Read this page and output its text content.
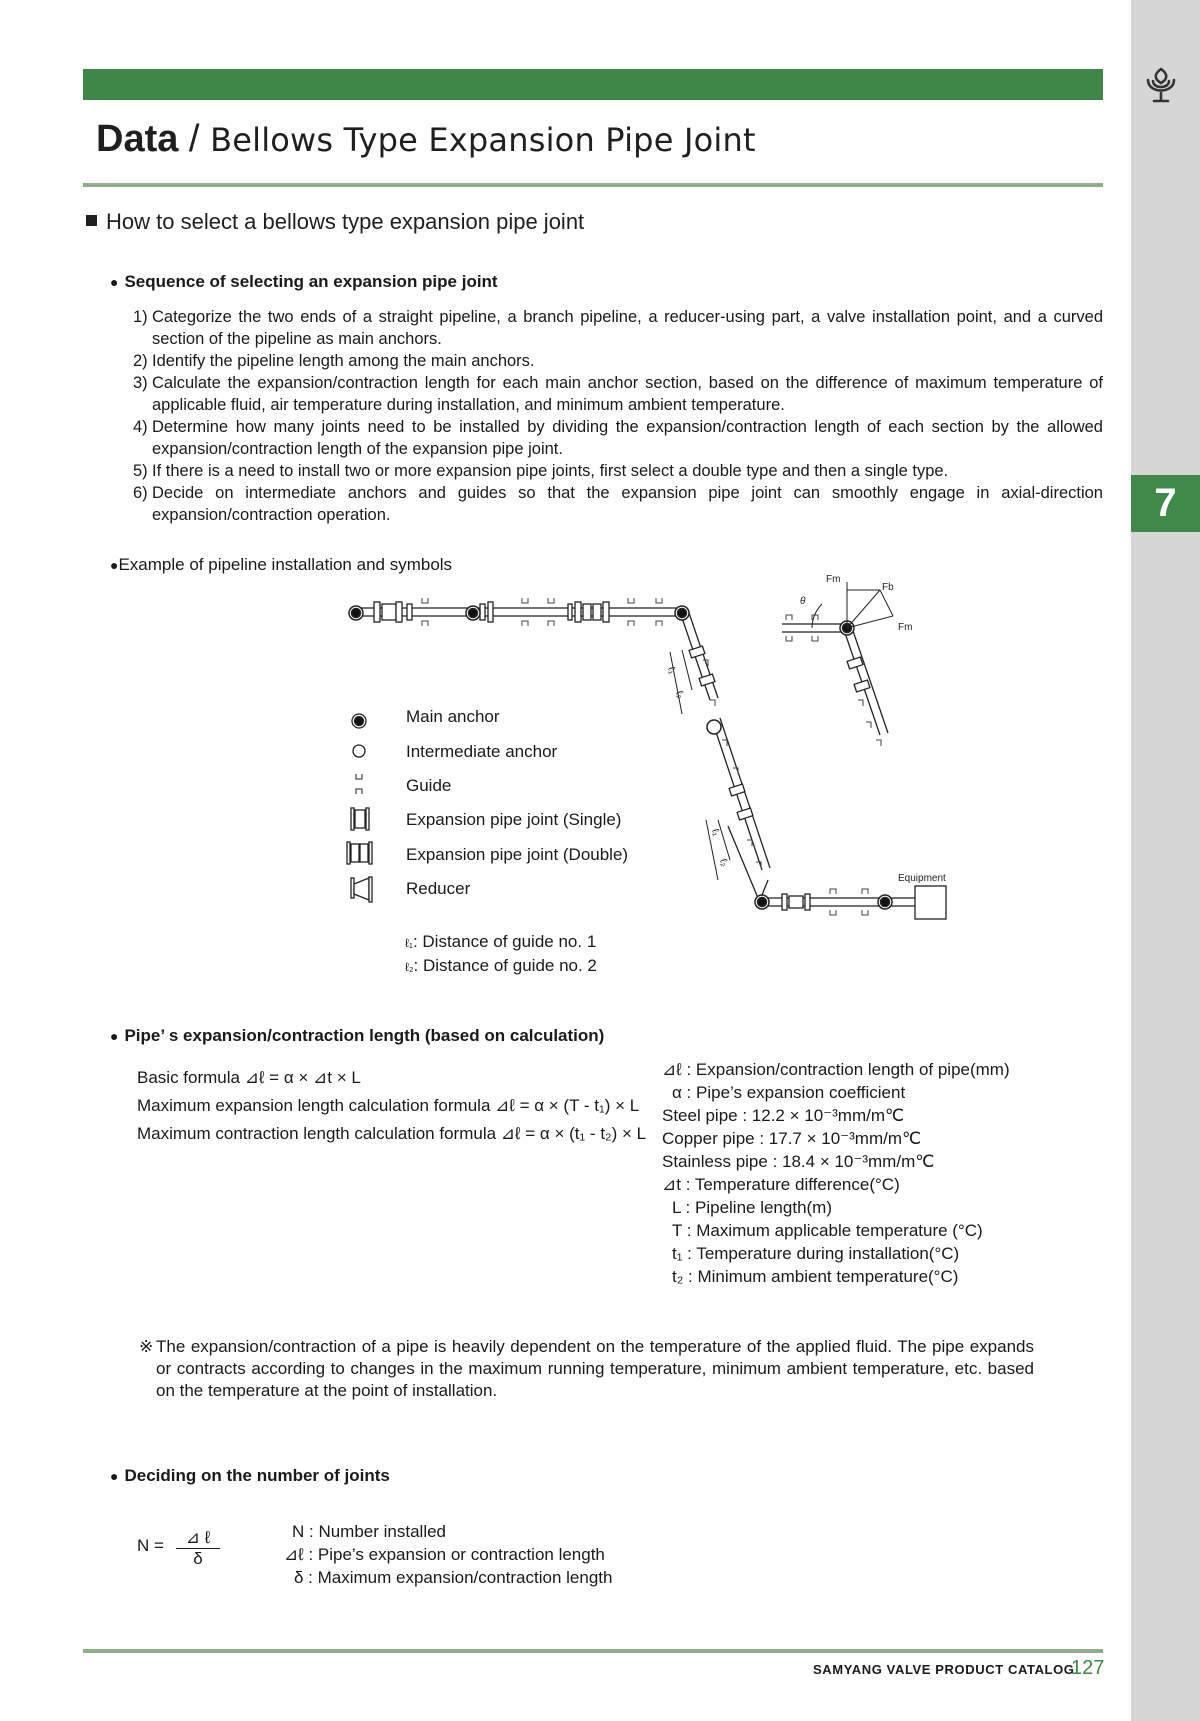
7
Data / Bellows Type Expansion Pipe Joint
How to select a bellows type expansion pipe joint
● Sequence of selecting an expansion pipe joint
1) Categorize the two ends of a straight pipeline, a branch pipeline, a reducer-using part, a valve installation point, and a curved section of the pipeline as main anchors.
2) Identify the pipeline length among the main anchors.
3) Calculate the expansion/contraction length for each main anchor section, based on the difference of maximum temperature of applicable fluid, air temperature during installation, and minimum ambient temperature.
4) Determine how many joints need to be installed by dividing the expansion/contraction length of each section by the allowed expansion/contraction length of the expansion pipe joint.
5) If there is a need to install two or more expansion pipe joints, first select a double type and then a single type.
6) Decide on intermediate anchors and guides so that the expansion pipe joint can smoothly engage in axial-direction expansion/contraction operation.
●Example of pipeline installation and symbols
Fm
Fb
Fm
θ
ℓ₁
ℓ₂
ℓ₁
ℓ₂
Equipment
Main anchor
Intermediate anchor
Guide
Expansion pipe joint (Single)
Expansion pipe joint (Double)
Reducer
ℓ₁: Distance of guide no. 1
ℓ₂: Distance of guide no. 2
● Pipe’ s expansion/contraction length (based on calculation)
Basic formula ⊿ℓ = α × ⊿t × L
Maximum expansion length calculation formula ⊿ℓ = α × (T - t₁) × L
Maximum contraction length calculation formula ⊿ℓ = α × (t₁ - t₂) × L
⊿ℓ : Expansion/contraction length of pipe(mm)
α : Pipe’s expansion coefficient
Steel pipe : 12.2 × 10⁻³mm/m℃
Copper pipe : 17.7 × 10⁻³mm/m℃
Stainless pipe : 18.4 × 10⁻³mm/m℃
⊿t : Temperature difference(°C)
L : Pipeline length(m)
T : Maximum applicable temperature (°C)
t₁ : Temperature during installation(°C)
t₂ : Minimum ambient temperature(°C)
※ The expansion/contraction of a pipe is heavily dependent on the temperature of the applied fluid. The pipe expands or contracts according to changes in the maximum running temperature, minimum ambient temperature, etc. based on the temperature at the point of installation.
● Deciding on the number of joints
N =	⊿ ℓ
δ
N : Number installed
⊿ℓ : Pipe’s expansion or contraction length
δ : Maximum expansion/contraction length
SAMYANG VALVE PRODUCT CATALOG
127
